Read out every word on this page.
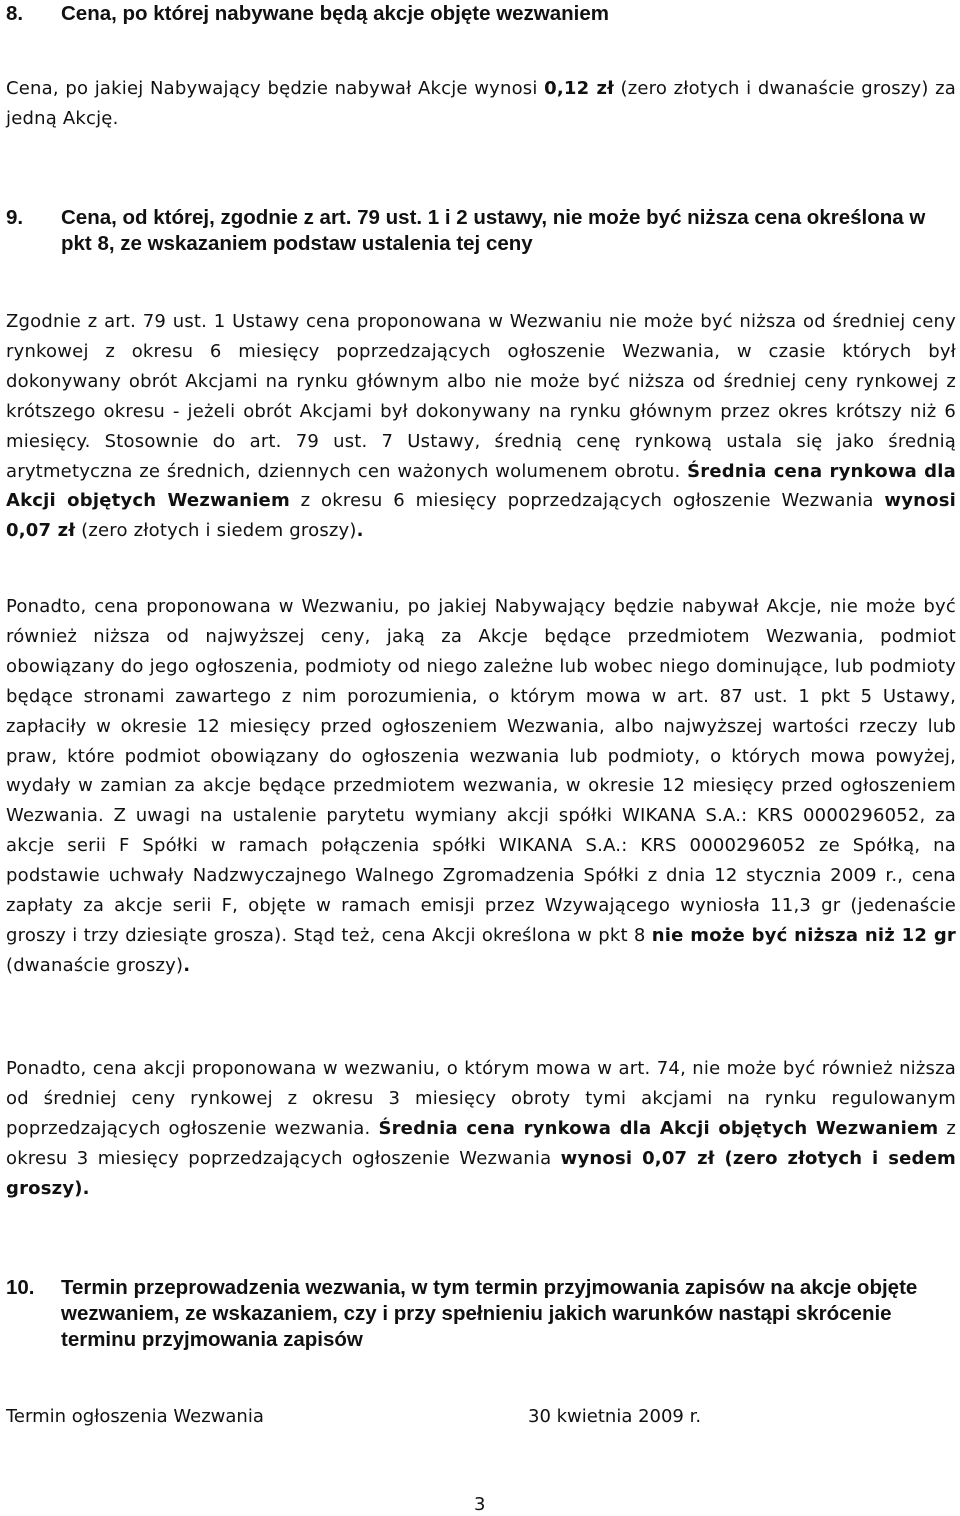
8.	Cena, po której nabywane będą akcje objęte wezwaniem

Cena, po jakiej Nabywający będzie nabywał Akcje wynosi 0,12 zł (zero złotych i dwanaście groszy) za jedną Akcję.

9.	Cena, od której, zgodnie z art. 79 ust. 1 i 2 ustawy, nie może być niższa cena określona w pkt 8, ze wskazaniem podstaw ustalenia tej ceny

Zgodnie z art. 79 ust. 1 Ustawy cena proponowana w Wezwaniu nie może być niższa od średniej ceny rynkowej z okresu 6 miesięcy poprzedzających ogłoszenie Wezwania, w czasie których był dokonywany obrót Akcjami na rynku głównym albo nie może być niższa od średniej ceny rynkowej z krótszego okresu - jeżeli obrót Akcjami był dokonywany na rynku głównym przez okres krótszy niż 6 miesięcy. Stosownie do art. 79 ust. 7 Ustawy, średnią cenę rynkową ustala się jako średnią arytmetyczna ze średnich, dziennych cen ważonych wolumenem obrotu. Średnia cena rynkowa dla Akcji objętych Wezwaniem z okresu 6 miesięcy poprzedzających ogłoszenie Wezwania wynosi 0,07 zł (zero złotych i siedem groszy).

Ponadto, cena proponowana w Wezwaniu, po jakiej Nabywający będzie nabywał Akcje, nie może być również niższa od najwyższej ceny, jaką za Akcje będące przedmiotem Wezwania, podmiot obowiązany do jego ogłoszenia, podmioty od niego zależne lub wobec niego dominujące, lub podmioty będące stronami zawartego z nim porozumienia, o którym mowa w art. 87 ust. 1 pkt 5 Ustawy, zapłaciły w okresie 12 miesięcy przed ogłoszeniem Wezwania, albo najwyższej wartości rzeczy lub praw, które podmiot obowiązany do ogłoszenia wezwania lub podmioty, o których mowa powyżej, wydały w zamian za akcje będące przedmiotem wezwania, w okresie 12 miesięcy przed ogłoszeniem Wezwania. Z uwagi na ustalenie parytetu wymiany akcji spółki WIKANA S.A.: KRS 0000296052, za akcje serii F Spółki w ramach połączenia spółki WIKANA S.A.: KRS 0000296052 ze Spółką, na podstawie uchwały Nadzwyczajnego Walnego Zgromadzenia Spółki z dnia 12 stycznia 2009 r., cena zapłaty za akcje serii F, objęte w ramach emisji przez Wzywającego wyniosła 11,3 gr (jedenaście groszy i trzy dziesiąte grosza). Stąd też, cena Akcji określona w pkt 8 nie może być niższa niż 12 gr (dwanaście groszy).

Ponadto, cena akcji proponowana w wezwaniu, o którym mowa w art. 74, nie może być również niższa od średniej ceny rynkowej z okresu 3 miesięcy obroty tymi akcjami na rynku regulowanym poprzedzających ogłoszenie wezwania. Średnia cena rynkowa dla Akcji objętych Wezwaniem z okresu 3 miesięcy poprzedzających ogłoszenie Wezwania wynosi 0,07 zł (zero złotych i sedem groszy).

10.	Termin przeprowadzenia wezwania, w tym termin przyjmowania zapisów na akcje objęte wezwaniem, ze wskazaniem, czy i przy spełnieniu jakich warunków nastąpi skrócenie terminu przyjmowania zapisów
Termin ogłoszenia Wezwania	30 kwietnia 2009 r.
3
